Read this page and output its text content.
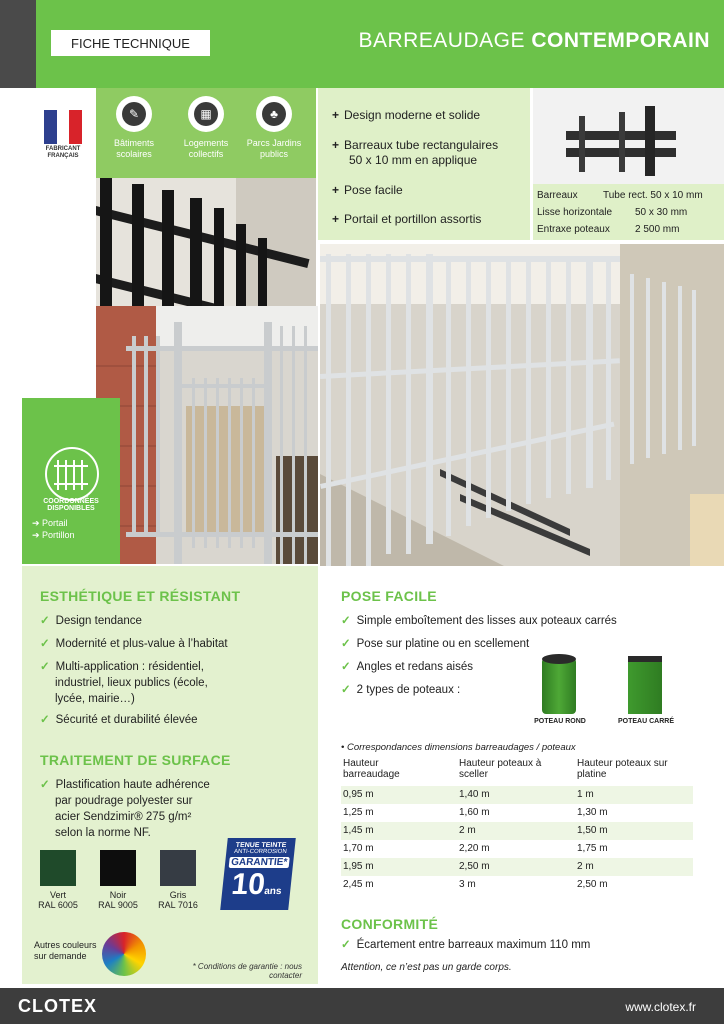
FICHE TECHNIQUE	BARREAUDAGE CONTEMPORAIN
FABRICANT FRANÇAIS
✎
Bâtiments scolaires
▦
Logements collectifs
♣
Parcs Jardins publics
+ Design moderne et solide
+ Barreaux tube rectangulaires
50 x 10 mm en applique
+ Pose facile
+ Portail et portillon assortis
Barreaux	Tube rect. 50 x 10 mm
Lisse horizontale 50 x 30 mm
Entraxe poteaux	2 500 mm
COORDONNÉES DISPONIBLES
➔ Portail
➔ Portillon
ESTHÉTIQUE ET RÉSISTANT
✓ Design tendance
✓ Modernité et plus-value à l’habitat
✓ Multi-application : résidentiel,
industriel, lieux publics (école,
lycée, mairie…)
✓ Sécurité et durabilité élevée
TRAITEMENT DE SURFACE
✓ Plastification haute adhérence
par poudrage polyester sur
acier Sendzimir® 275 g/m²
selon la norme NF.
Vert
RAL 6005
Noir
RAL 9005
Gris
RAL 7016
TENUE TEINTE
ANTI-CORROSION
GARANTIE*
10ans
Autres couleurs sur demande
* Conditions de garantie : nous contacter
POSE FACILE
✓ Simple emboîtement des lisses aux poteaux carrés
✓ Pose sur platine ou en scellement
✓ Angles et redans aisés
✓ 2 types de poteaux :
POTEAU ROND	POTEAU CARRÉ
• Correspondances dimensions barreaudages / poteaux
Hauteur barreaudage
Hauteur poteaux à sceller
Hauteur poteaux sur platine
0,95 m	1,40 m	1 m
1,25 m	1,60 m	1,30 m
1,45 m	2 m	1,50 m
1,70 m	2,20 m	1,75 m
1,95 m	2,50 m	2 m
2,45 m	3 m	2,50 m
CONFORMITÉ
✓ Écartement entre barreaux maximum 110 mm
Attention, ce n’est pas un garde corps.
CLOTEX	www.clotex.fr
